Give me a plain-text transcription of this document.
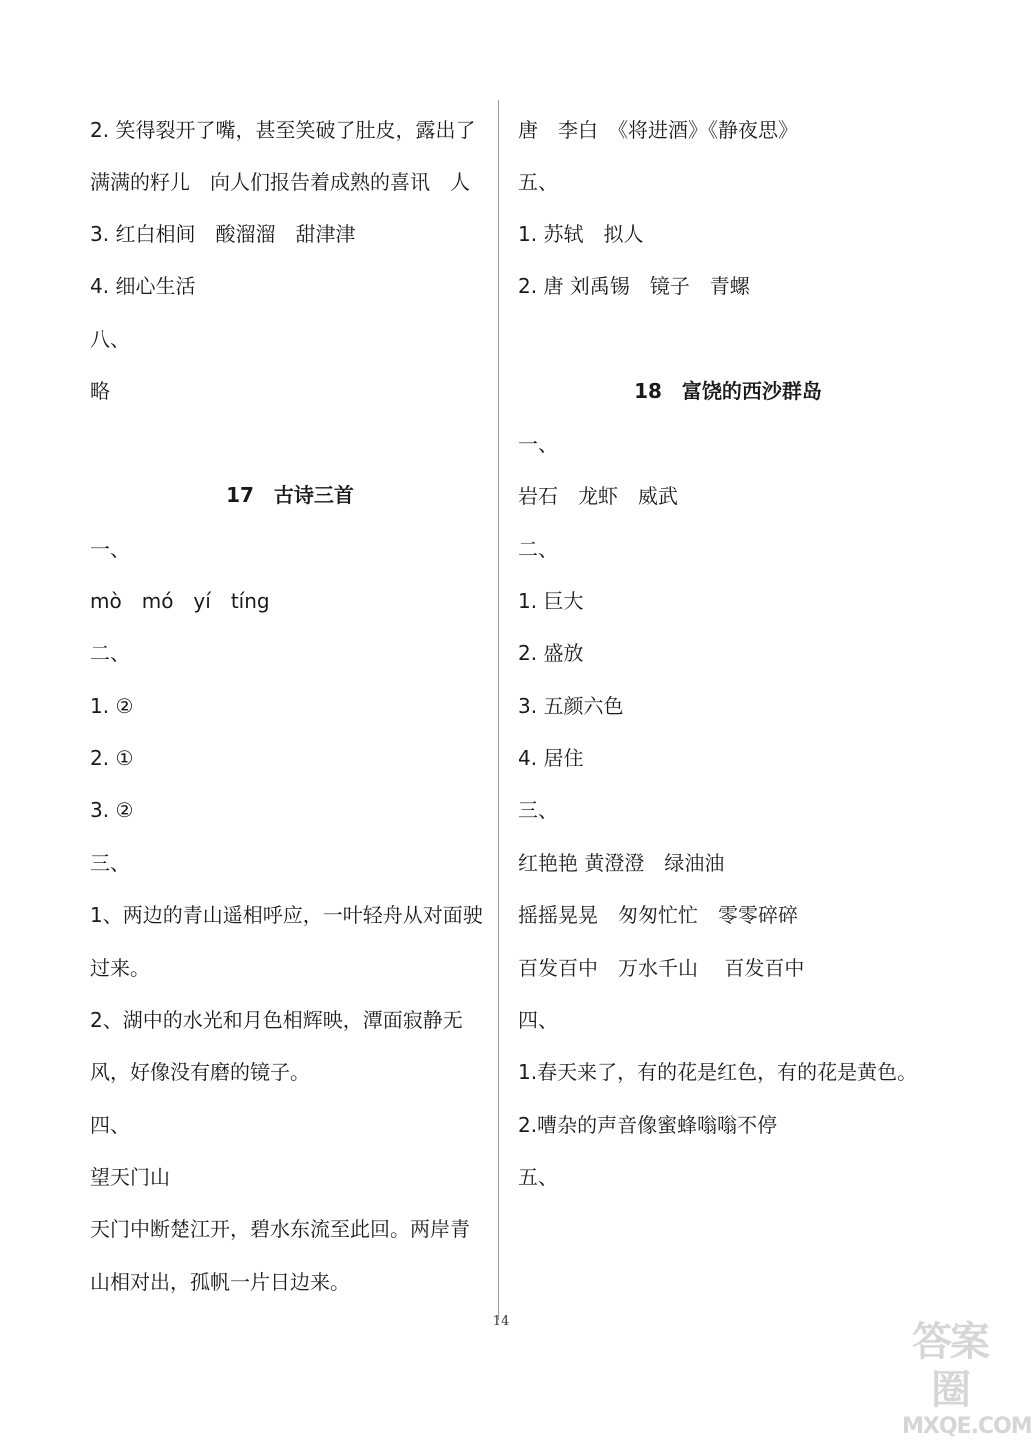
2. 笑得裂开了嘴，甚至笑破了肚皮，露出了
满满的籽儿　向人们报告着成熟的喜讯　人
3. 红白相间　酸溜溜　甜津津
4. 细心生活
八、
略
17　古诗三首
一、
mò　mó　yí　tíng
二、
1. ②
2. ①
3. ②
三、
1、两边的青山遥相呼应，一叶轻舟从对面驶
过来。
2、湖中的水光和月色相辉映，潭面寂静无
风，好像没有磨的镜子。
四、
望天门山
天门中断楚江开，碧水东流至此回。两岸青
山相对出，孤帆一片日边来。
唐　李白　《将进酒》《静夜思》
五、
1. 苏轼　拟人
2. 唐 刘禹锡　镜子　青螺
18　富饶的西沙群岛
一、
岩石　龙虾　威武
二、
1. 巨大
2. 盛放
3. 五颜六色
4. 居住
三、
红艳艳 黄澄澄　绿油油
摇摇晃晃　匆匆忙忙　零零碎碎
百发百中　万水千山　 百发百中
四、
1.春天来了，有的花是红色，有的花是黄色。
2.嘈杂的声音像蜜蜂嗡嗡不停
五、
14	答案圈
MXQE.COM
